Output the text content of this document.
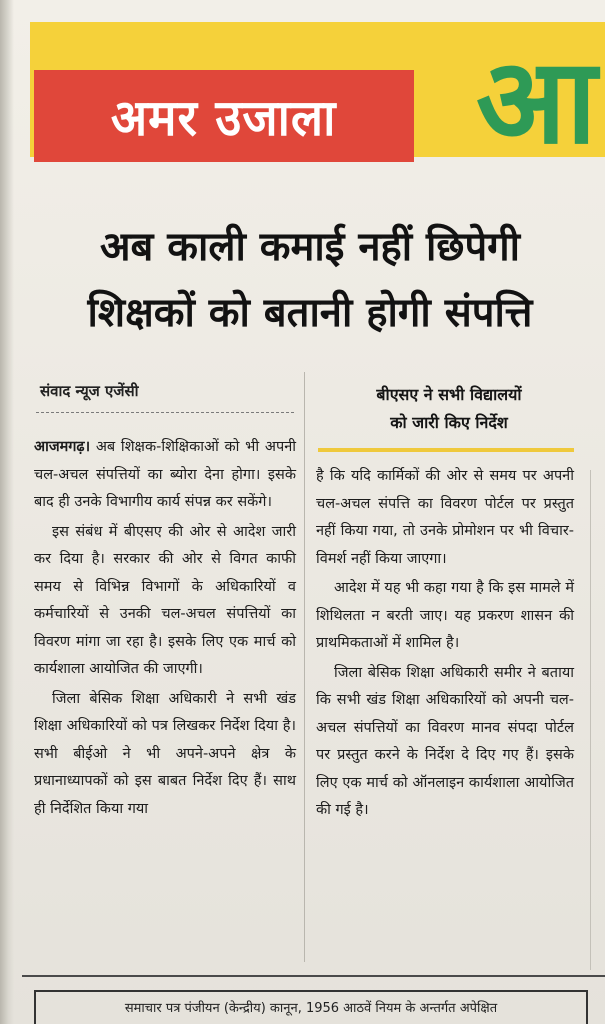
अमर उजाला आ
अब काली कमाई नहीं छिपेगी
शिक्षकों को बतानी होगी संपत्ति
संवाद न्यूज एजेंसी	बीएसए ने सभी विद्यालयों
को जारी किए निर्देश

आजमगढ़। अब शिक्षक-शिक्षिकाओं को भी अपनी चल-अचल संपत्तियों का ब्योरा देना होगा। इसके बाद ही उनके विभागीय कार्य संपन्न कर सकेंगे।

इस संबंध में बीएसए की ओर से आदेश जारी कर दिया है। सरकार की ओर से विगत काफी समय से विभिन्न विभागों के अधिकारियों व कर्मचारियों से उनकी चल-अचल संपत्तियों का विवरण मांगा जा रहा है। इसके लिए एक मार्च को कार्यशाला आयोजित की जाएगी।

जिला बेसिक शिक्षा अधिकारी ने सभी खंड शिक्षा अधिकारियों को पत्र लिखकर निर्देश दिया है। सभी बीईओ ने भी अपने-अपने क्षेत्र के प्रधानाध्यापकों को इस बाबत निर्देश दिए हैं। साथ ही निर्देशित किया गया

है कि यदि कार्मिकों की ओर से समय पर अपनी चल-अचल संपत्ति का विवरण पोर्टल पर प्रस्तुत नहीं किया गया, तो उनके प्रोमोशन पर भी विचार-विमर्श नहीं किया जाएगा।

आदेश में यह भी कहा गया है कि इस मामले में शिथिलता न बरती जाए। यह प्रकरण शासन की प्राथमिकताओं में शामिल है।

जिला बेसिक शिक्षा अधिकारी समीर ने बताया कि सभी खंड शिक्षा अधिकारियों को अपनी चल-अचल संपत्तियों का विवरण मानव संपदा पोर्टल पर प्रस्तुत करने के निर्देश दे दिए गए हैं। इसके लिए एक मार्च को ऑनलाइन कार्यशाला आयोजित की गई है।

समाचार पत्र पंजीयन (केन्द्रीय) कानून, 1956 आठवें नियम के अन्तर्गत अपेक्षित
